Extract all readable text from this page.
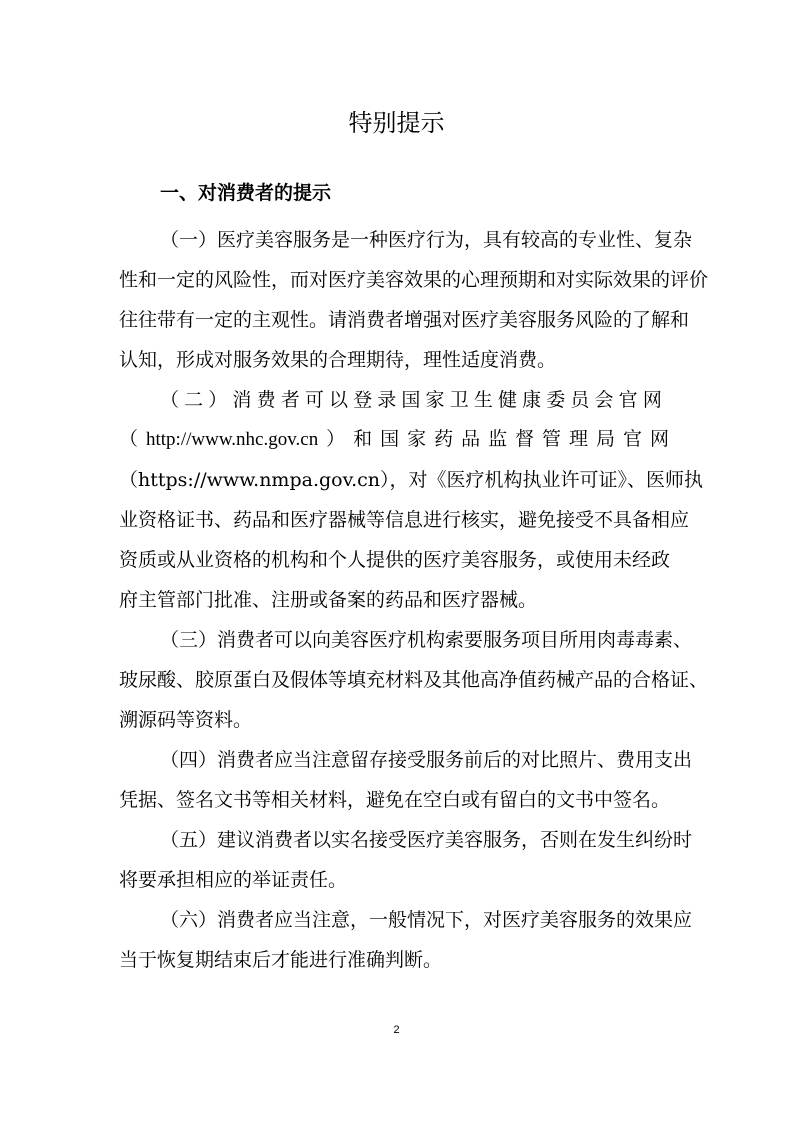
特别提示
一、对消费者的提示
（一）医疗美容服务是一种医疗行为，具有较高的专业性、复杂
性和一定的风险性，而对医疗美容效果的心理预期和对实际效果的评价
往往带有一定的主观性。请消费者增强对医疗美容服务风险的了解和
认知，形成对服务效果的合理期待，理性适度消费。
（ 二 ） 消 费 者 可 以 登 录 国 家 卫 生 健 康 委 员 会 官 网
（ http://www.nhc.gov.cn ） 和 国 家 药 品 监 督 管 理 局 官 网
（https://www.nmpa.gov.cn），对《医疗机构执业许可证》、医师执
业资格证书、药品和医疗器械等信息进行核实，避免接受不具备相应
资质或从业资格的机构和个人提供的医疗美容服务，或使用未经政
府主管部门批准、注册或备案的药品和医疗器械。
（三）消费者可以向美容医疗机构索要服务项目所用肉毒毒素、
玻尿酸、胶原蛋白及假体等填充材料及其他高净值药械产品的合格证、
溯源码等资料。
（四）消费者应当注意留存接受服务前后的对比照片、费用支出
凭据、签名文书等相关材料，避免在空白或有留白的文书中签名。
（五）建议消费者以实名接受医疗美容服务，否则在发生纠纷时
将要承担相应的举证责任。
（六）消费者应当注意，一般情况下，对医疗美容服务的效果应
当于恢复期结束后才能进行准确判断。
2
